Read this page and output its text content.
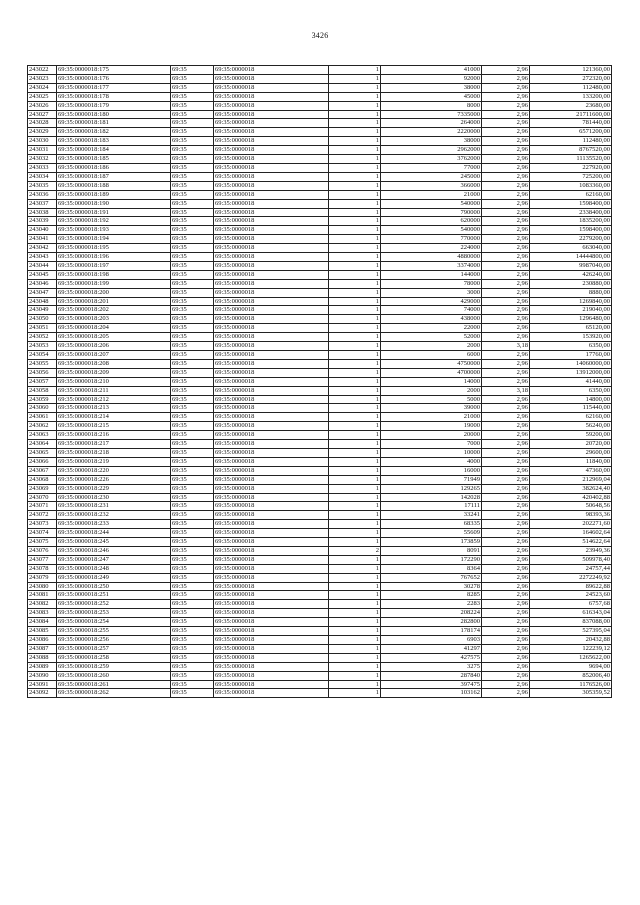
3426
243022	69:35:0000018:175	69:35	69:35:0000018	1	41000	2,96	121360,00
243023	69:35:0000018:176	69:35	69:35:0000018	1	92000	2,96	272320,00
243024	69:35:0000018:177	69:35	69:35:0000018	1	38000	2,96	112480,00
243025	69:35:0000018:178	69:35	69:35:0000018	1	45000	2,96	133200,00
243026	69:35:0000018:179	69:35	69:35:0000018	1	8000	2,96	23680,00
243027	69:35:0000018:180	69:35	69:35:0000018	1	7335000	2,96	21711600,00
243028	69:35:0000018:181	69:35	69:35:0000018	1	264000	2,96	781440,00
243029	69:35:0000018:182	69:35	69:35:0000018	1	2220000	2,96	6571200,00
243030	69:35:0000018:183	69:35	69:35:0000018	1	38000	2,96	112480,00
243031	69:35:0000018:184	69:35	69:35:0000018	1	2962000	2,96	8767520,00
243032	69:35:0000018:185	69:35	69:35:0000018	1	3762000	2,96	11135520,00
243033	69:35:0000018:186	69:35	69:35:0000018	1	77000	2,96	227920,00
243034	69:35:0000018:187	69:35	69:35:0000018	1	245000	2,96	725200,00
243035	69:35:0000018:188	69:35	69:35:0000018	1	366000	2,96	1083360,00
243036	69:35:0000018:189	69:35	69:35:0000018	1	21000	2,96	62160,00
243037	69:35:0000018:190	69:35	69:35:0000018	1	540000	2,96	1598400,00
243038	69:35:0000018:191	69:35	69:35:0000018	1	790000	2,96	2338400,00
243039	69:35:0000018:192	69:35	69:35:0000018	1	620000	2,96	1835200,00
243040	69:35:0000018:193	69:35	69:35:0000018	1	540000	2,96	1598400,00
243041	69:35:0000018:194	69:35	69:35:0000018	1	770000	2,96	2279200,00
243042	69:35:0000018:195	69:35	69:35:0000018	1	224000	2,96	663040,00
243043	69:35:0000018:196	69:35	69:35:0000018	1	4880000	2,96	14444800,00
243044	69:35:0000018:197	69:35	69:35:0000018	1	3374000	2,96	9987040,00
243045	69:35:0000018:198	69:35	69:35:0000018	1	144000	2,96	426240,00
243046	69:35:0000018:199	69:35	69:35:0000018	1	78000	2,96	230880,00
243047	69:35:0000018:200	69:35	69:35:0000018	1	3000	2,96	8880,00
243048	69:35:0000018:201	69:35	69:35:0000018	1	429000	2,96	1269840,00
243049	69:35:0000018:202	69:35	69:35:0000018	1	74000	2,96	219040,00
243050	69:35:0000018:203	69:35	69:35:0000018	1	438000	2,96	1296480,00
243051	69:35:0000018:204	69:35	69:35:0000018	1	22000	2,96	65120,00
243052	69:35:0000018:205	69:35	69:35:0000018	1	52000	2,96	153920,00
243053	69:35:0000018:206	69:35	69:35:0000018	1	2000	3,18	6350,00
243054	69:35:0000018:207	69:35	69:35:0000018	1	6000	2,96	17760,00
243055	69:35:0000018:208	69:35	69:35:0000018	1	4750000	2,96	14060000,00
243056	69:35:0000018:209	69:35	69:35:0000018	1	4700000	2,96	13912000,00
243057	69:35:0000018:210	69:35	69:35:0000018	1	14000	2,96	41440,00
243058	69:35:0000018:211	69:35	69:35:0000018	1	2000	3,18	6350,00
243059	69:35:0000018:212	69:35	69:35:0000018	1	5000	2,96	14800,00
243060	69:35:0000018:213	69:35	69:35:0000018	1	39000	2,96	115440,00
243061	69:35:0000018:214	69:35	69:35:0000018	1	21000	2,96	62160,00
243062	69:35:0000018:215	69:35	69:35:0000018	1	19000	2,96	56240,00
243063	69:35:0000018:216	69:35	69:35:0000018	1	20000	2,96	59200,00
243064	69:35:0000018:217	69:35	69:35:0000018	1	7000	2,96	20720,00
243065	69:35:0000018:218	69:35	69:35:0000018	1	10000	2,96	29600,00
243066	69:35:0000018:219	69:35	69:35:0000018	1	4000	2,96	11840,00
243067	69:35:0000018:220	69:35	69:35:0000018	1	16000	2,96	47360,00
243068	69:35:0000018:226	69:35	69:35:0000018	1	71949	2,96	212969,04
243069	69:35:0000018:229	69:35	69:35:0000018	1	129265	2,96	382624,40
243070	69:35:0000018:230	69:35	69:35:0000018	1	142028	2,96	420402,88
243071	69:35:0000018:231	69:35	69:35:0000018	1	17111	2,96	50648,56
243072	69:35:0000018:232	69:35	69:35:0000018	1	33241	2,96	98393,36
243073	69:35:0000018:233	69:35	69:35:0000018	1	68335	2,96	202271,60
243074	69:35:0000018:244	69:35	69:35:0000018	1	55609	2,96	164602,64
243075	69:35:0000018:245	69:35	69:35:0000018	1	173859	2,96	514622,64
243076	69:35:0000018:246	69:35	69:35:0000018	2	8091	2,96	23949,36
243077	69:35:0000018:247	69:35	69:35:0000018	1	172290	2,96	509978,40
243078	69:35:0000018:248	69:35	69:35:0000018	1	8364	2,96	24757,44
243079	69:35:0000018:249	69:35	69:35:0000018	1	767652	2,96	2272249,92
243080	69:35:0000018:250	69:35	69:35:0000018	1	30278	2,96	89622,88
243081	69:35:0000018:251	69:35	69:35:0000018	1	8285	2,96	24523,60
243082	69:35:0000018:252	69:35	69:35:0000018	1	2283	2,96	6757,68
243083	69:35:0000018:253	69:35	69:35:0000018	1	208224	2,96	616343,04
243084	69:35:0000018:254	69:35	69:35:0000018	1	282800	2,96	837088,00
243085	69:35:0000018:255	69:35	69:35:0000018	1	178174	2,96	527395,04
243086	69:35:0000018:256	69:35	69:35:0000018	1	6903	2,96	20432,88
243087	69:35:0000018:257	69:35	69:35:0000018	1	41297	2,96	122239,12
243088	69:35:0000018:258	69:35	69:35:0000018	1	427575	2,96	1265622,00
243089	69:35:0000018:259	69:35	69:35:0000018	1	3275	2,96	9694,00
243090	69:35:0000018:260	69:35	69:35:0000018	1	287840	2,96	852006,40
243091	69:35:0000018:261	69:35	69:35:0000018	1	397475	2,96	1176526,00
243092	69:35:0000018:262	69:35	69:35:0000018	1	103162	2,96	305359,52
